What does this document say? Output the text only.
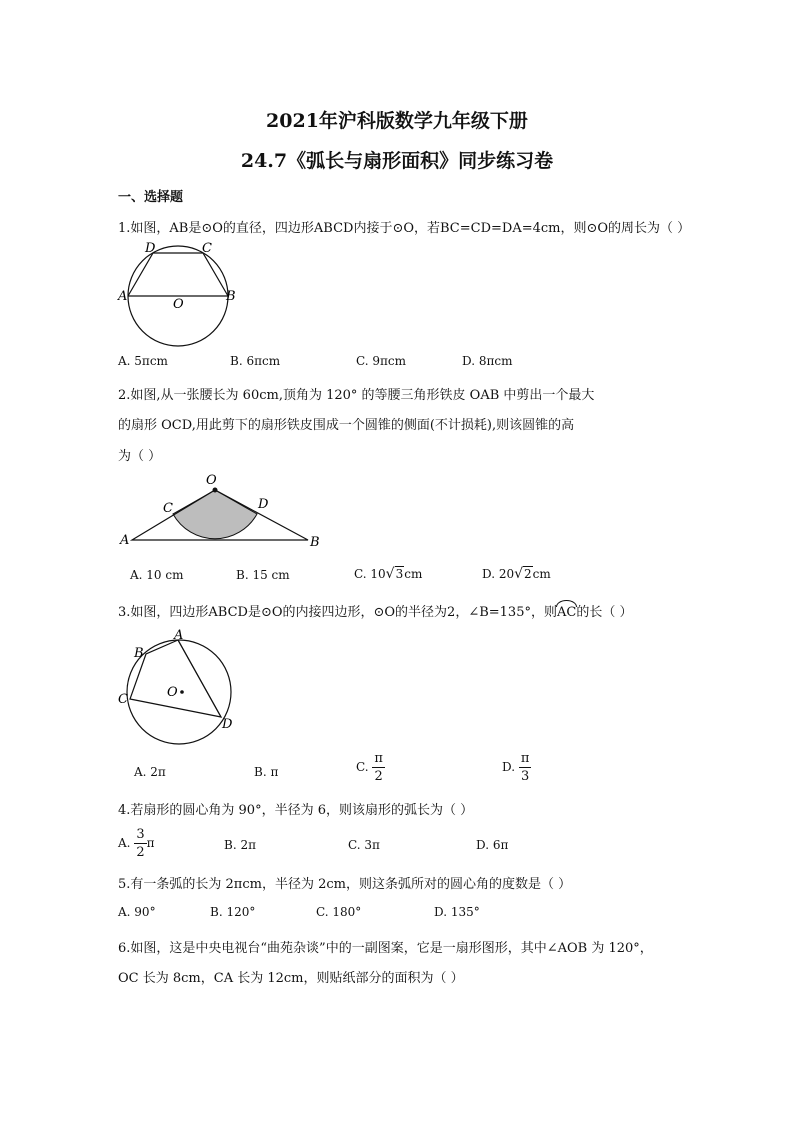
2021年沪科版数学九年级下册
24.7《弧长与扇形面积》同步练习卷
一、选择题
1.如图，AB是⊙O的直径，四边形ABCD内接于⊙O，若BC=CD=DA=4cm，则⊙O的周长为（ ）
A	B
C
D
O
A. 5πcm	B. 6πcm	C. 9πcm	D. 8πcm
2.如图,从一张腰长为 60cm,顶角为 120° 的等腰三角形铁皮 OAB 中剪出一个最大
的扇形 OCD,用此剪下的扇形铁皮围成一个圆锥的侧面(不计损耗),则该圆锥的高
为（ ）
O
A	B
C	D
A. 10 cm	B. 15 cm	C. 10√3cm	D. 20√2cm
3.如图，四边形ABCD是⊙O的内接四边形，⊙O的半径为2，∠B=135°，则AC的长（ ）
A
B
C
D
O
A. 2π	B. π	C. $\frac{\pi}{2}$	D. $\frac{\pi}{3}$
4.若扇形的圆心角为 90°，半径为 6，则该扇形的弧长为（ ）
A. $\frac{3}{2}$ π	B. 2π	C. 3π	D. 6π
5.有一条弧的长为 2πcm，半径为 2cm，则这条弧所对的圆心角的度数是（ ）
A. 90°	B. 120°	C. 180°	D. 135°
6.如图，这是中央电视台“曲苑杂谈”中的一副图案，它是一扇形图形，其中∠AOB 为 120°，
OC 长为 8cm，CA 长为 12cm，则贴纸部分的面积为（ ）
